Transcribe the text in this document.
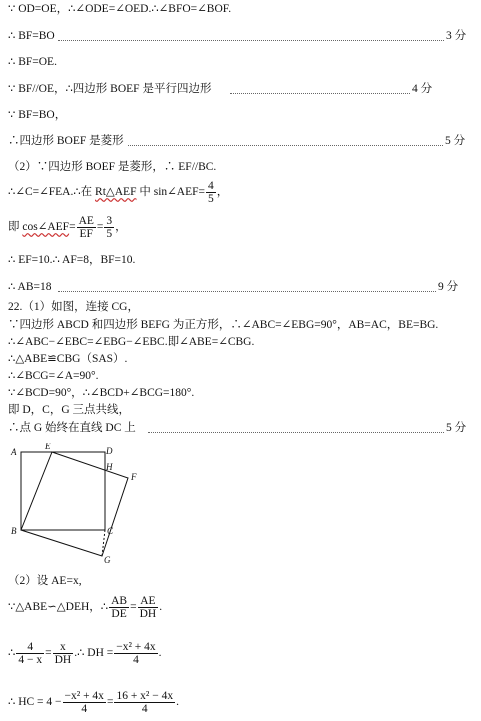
∵ OD=OE，∴∠ODE=∠OED.∴∠BFO=∠BOF.
∴ BF=BO	3 分
∴ BF=OE.
∵ BF//OE，∴四边形 BOEF 是平行四边形	4 分
∵ BF=BO，
∴四边形 BOEF 是菱形	5 分
（2）∵四边形 BOEF 是菱形，∴ EF//BC.
∴∠C=∠FEA.∴在 Rt△AEF 中 sin∠AEF= $\frac{4}{5}$ ，
即 cos∠AEF= $\frac{AE}{EF} = \frac{3}{5}$ ，
∴ EF=10.∴ AF=8，BF=10.
∴ AB=18	9 分
22.（1）如图，连接 CG，
∵四边形 ABCD 和四边形 BEFG 为正方形，∴∠ABC=∠EBG=90°，AB=AC，BE=BG.
∴∠ABC−∠EBC=∠EBG−∠EBC.即∠ABE=∠CBG.
∴△ABE≌CBG（SAS）.
∴∠BCG=∠A=90°.
∵∠BCD=90°，∴∠BCD+∠BCG=180°.
即 D，C，G 三点共线，
∴点 G 始终在直线 DC 上	5 分
A
B	C
D
E
F
G
H
（2）设 AE=x,
∵△ABE∽△DEH，∴ $\frac{AB}{DE} = \frac{AE}{DH}$ .
∴ $\frac{4}{4 - x} = \frac{x}{DH}$ .∴ DH = $\frac{\text{−x² + 4x}}{4}$ .
∴ HC = $4 - \frac{\text{−x² + 4x}}{4} = \frac{\text{16 + x² − 4x}}{4}$ .
